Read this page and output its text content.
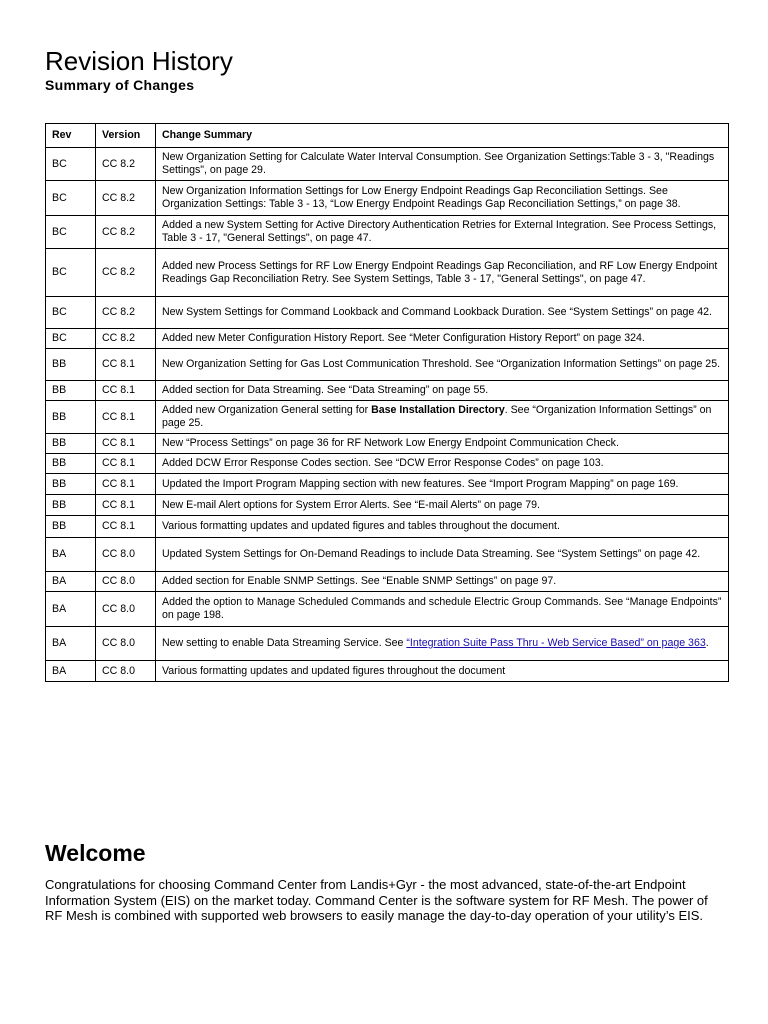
Revision History
Summary of Changes
Rev	Version	Change Summary
BC	CC 8.2	New Organization Setting for Calculate Water Interval Consumption. See Organization Settings:Table 3 - 3, "Readings Settings", on page 29.
BC	CC 8.2	New Organization Information Settings for Low Energy Endpoint Readings Gap Reconciliation Settings. See Organization Settings: Table 3 - 13, “Low Energy Endpoint Readings Gap Reconciliation Settings,” on page 38.
BC	CC 8.2	Added a new System Setting for Active Directory Authentication Retries for External Integration. See Process Settings, Table 3 - 17, "General Settings", on page 47.
BC	CC 8.2	Added new Process Settings for RF Low Energy Endpoint Readings Gap Reconciliation, and RF Low Energy Endpoint Readings Gap Reconciliation Retry. See System Settings, Table 3 - 17, "General Settings", on page 47.
BC	CC 8.2	New System Settings for Command Lookback and Command Lookback Duration. See “System Settings” on page 42.
BC	CC 8.2	Added new Meter Configuration History Report. See “Meter Configuration History Report” on page 324.
BB	CC 8.1	New Organization Setting for Gas Lost Communication Threshold. See “Organization Information Settings” on page 25.
BB	CC 8.1	Added section for Data Streaming. See “Data Streaming” on page 55.
BB	CC 8.1	Added new Organization General setting for Base Installation Directory. See “Organization Information Settings” on page 25.
BB	CC 8.1	New “Process Settings” on page 36 for RF Network Low Energy Endpoint Communication Check.
BB	CC 8.1	Added DCW Error Response Codes section. See “DCW Error Response Codes” on page 103.
BB	CC 8.1	Updated the Import Program Mapping section with new features. See “Import Program Mapping” on page 169.
BB	CC 8.1	New E-mail Alert options for System Error Alerts. See “E-mail Alerts” on page 79.
BB	CC 8.1	Various formatting updates and updated figures and tables throughout the document.
BA	CC 8.0	Updated System Settings for On-Demand Readings to include Data Streaming. See “System Settings” on page 42.
BA	CC 8.0	Added section for Enable SNMP Settings. See “Enable SNMP Settings” on page 97.
BA	CC 8.0	Added the option to Manage Scheduled Commands and schedule Electric Group Commands. See “Manage Endpoints” on page 198.
BA	CC 8.0	New setting to enable Data Streaming Service. See “Integration Suite Pass Thru - Web Service Based” on page 363.
BA	CC 8.0	Various formatting updates and updated figures throughout the document
Welcome

Congratulations for choosing Command Center from Landis+Gyr - the most advanced, state-of-the-art Endpoint Information System (EIS) on the market today. Command Center is the software system for RF Mesh. The power of RF Mesh is combined with supported web browsers to easily manage the day-to-day operation of your utility’s EIS.
